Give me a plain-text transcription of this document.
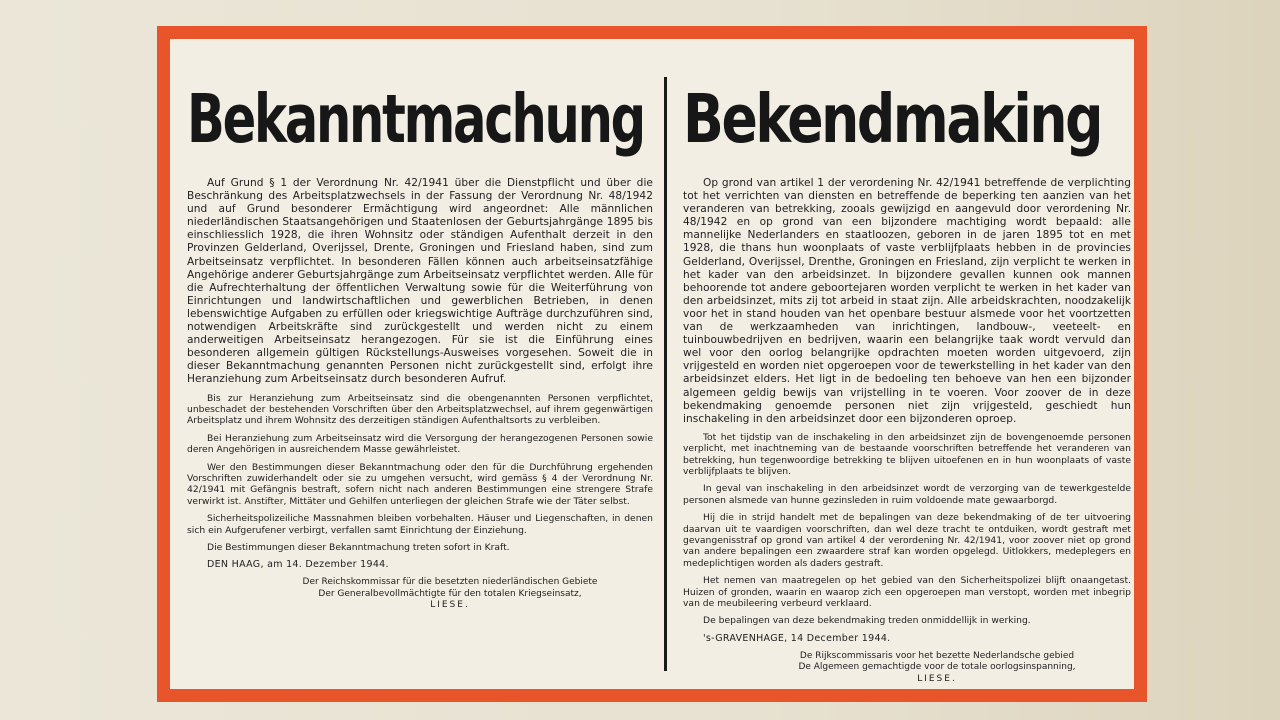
Bekanntmachung

Auf Grund § 1 der Verordnung Nr. 42/1941 über die Dienstpflicht und über die Beschränkung des Arbeitsplatzwechsels in der Fassung der Verordnung Nr. 48/1942 und auf Grund besonderer Ermächtigung wird angeordnet: Alle männlichen niederländischen Staatsangehörigen und Staatenlosen der Geburtsjahrgänge 1895 bis einschliesslich 1928, die ihren Wohnsitz oder ständigen Aufenthalt derzeit in den Provinzen Gelderland, Overijssel, Drente, Groningen und Friesland haben, sind zum Arbeitseinsatz verpflichtet. In besonderen Fällen können auch arbeitseinsatzfähige Angehörige anderer Geburtsjahrgänge zum Arbeitseinsatz verpflichtet werden. Alle für die Aufrechterhaltung der öffentlichen Verwaltung sowie für die Weiterführung von Einrichtungen und landwirtschaftlichen und gewerblichen Betrieben, in denen lebenswichtige Aufgaben zu erfüllen oder kriegswichtige Aufträge durchzuführen sind, notwendigen Arbeitskräfte sind zurückgestellt und werden nicht zu einem anderweitigen Arbeitseinsatz herangezogen. Für sie ist die Einführung eines besonderen allgemein gültigen Rückstellungs-Ausweises vorgesehen. Soweit die in dieser Bekanntmachung genannten Personen nicht zurückgestellt sind, erfolgt ihre Heranziehung zum Arbeitseinsatz durch besonderen Aufruf.

Bis zur Heranziehung zum Arbeitseinsatz sind die obengenannten Personen verpflichtet, unbeschadet der bestehenden Vorschriften über den Arbeitsplatzwechsel, auf ihrem gegenwärtigen Arbeitsplatz und ihrem Wohnsitz des derzeitigen ständigen Aufenthaltsorts zu verbleiben.

Bei Heranziehung zum Arbeitseinsatz wird die Versorgung der herangezogenen Personen sowie deren Angehörigen in ausreichendem Masse gewährleistet.

Wer den Bestimmungen dieser Bekanntmachung oder den für die Durchführung ergehenden Vorschriften zuwiderhandelt oder sie zu umgehen versucht, wird gemäss § 4 der Verordnung Nr. 42/1941 mit Gefängnis bestraft, sofern nicht nach anderen Bestimmungen eine strengere Strafe verwirkt ist. Anstifter, Mittäter und Gehilfen unterliegen der gleichen Strafe wie der Täter selbst.

Sicherheitspolizeiliche Massnahmen bleiben vorbehalten. Häuser und Liegenschaften, in denen sich ein Aufgerufener verbirgt, verfallen samt Einrichtung der Einziehung.

Die Bestimmungen dieser Bekanntmachung treten sofort in Kraft.

DEN HAAG, am 14. Dezember 1944.
Der Reichskommissar für die besetzten niederländischen Gebiete
Der Generalbevollmächtigte für den totalen Kriegseinsatz,
LIESE.
Bekendmaking

Op grond van artikel 1 der verordening Nr. 42/1941 betreffende de verplichting tot het verrichten van diensten en betreffende de beperking ten aanzien van het veranderen van betrekking, zooals gewijzigd en aangevuld door verordening Nr. 48/1942 en op grond van een bijzondere machtiging wordt bepaald: alle mannelijke Nederlanders en staatloozen, geboren in de jaren 1895 tot en met 1928, die thans hun woonplaats of vaste verblijfplaats hebben in de provincies Gelderland, Overijssel, Drenthe, Groningen en Friesland, zijn verplicht te werken in het kader van den arbeidsinzet. In bijzondere gevallen kunnen ook mannen behoorende tot andere geboortejaren worden verplicht te werken in het kader van den arbeidsinzet, mits zij tot arbeid in staat zijn. Alle arbeidskrachten, noodzakelijk voor het in stand houden van het openbare bestuur alsmede voor het voortzetten van de werkzaamheden van inrichtingen, landbouw-, veeteelt- en tuinbouwbedrijven en bedrijven, waarin een belangrijke taak wordt vervuld dan wel voor den oorlog belangrijke opdrachten moeten worden uitgevoerd, zijn vrijgesteld en worden niet opgeroepen voor de tewerkstelling in het kader van den arbeidsinzet elders. Het ligt in de bedoeling ten behoeve van hen een bijzonder algemeen geldig bewijs van vrijstelling in te voeren. Voor zoover de in deze bekendmaking genoemde personen niet zijn vrijgesteld, geschiedt hun inschakeling in den arbeidsinzet door een bijzonderen oproep.

Tot het tijdstip van de inschakeling in den arbeidsinzet zijn de bovengenoemde personen verplicht, met inachtneming van de bestaande voorschriften betreffende het veranderen van betrekking, hun tegenwoordige betrekking te blijven uitoefenen en in hun woonplaats of vaste verblijfplaats te blijven.

In geval van inschakeling in den arbeidsinzet wordt de verzorging van de tewerkgestelde personen alsmede van hunne gezinsleden in ruim voldoende mate gewaarborgd.

Hij die in strijd handelt met de bepalingen van deze bekendmaking of de ter uitvoering daarvan uit te vaardigen voorschriften, dan wel deze tracht te ontduiken, wordt gestraft met gevangenisstraf op grond van artikel 4 der verordening Nr. 42/1941, voor zoover niet op grond van andere bepalingen een zwaardere straf kan worden opgelegd. Uitlokkers, medeplegers en medeplichtigen worden als daders gestraft.

Het nemen van maatregelen op het gebied van den Sicherheitspolizei blijft onaangetast. Huizen of gronden, waarin en waarop zich een opgeroepen man verstopt, worden met inbegrip van de meubileering verbeurd verklaard.

De bepalingen van deze bekendmaking treden onmiddellijk in werking.

's-GRAVENHAGE, 14 December 1944.
De Rijkscommissaris voor het bezette Nederlandsche gebied
De Algemeen gemachtigde voor de totale oorlogsinspanning,
LIESE.
